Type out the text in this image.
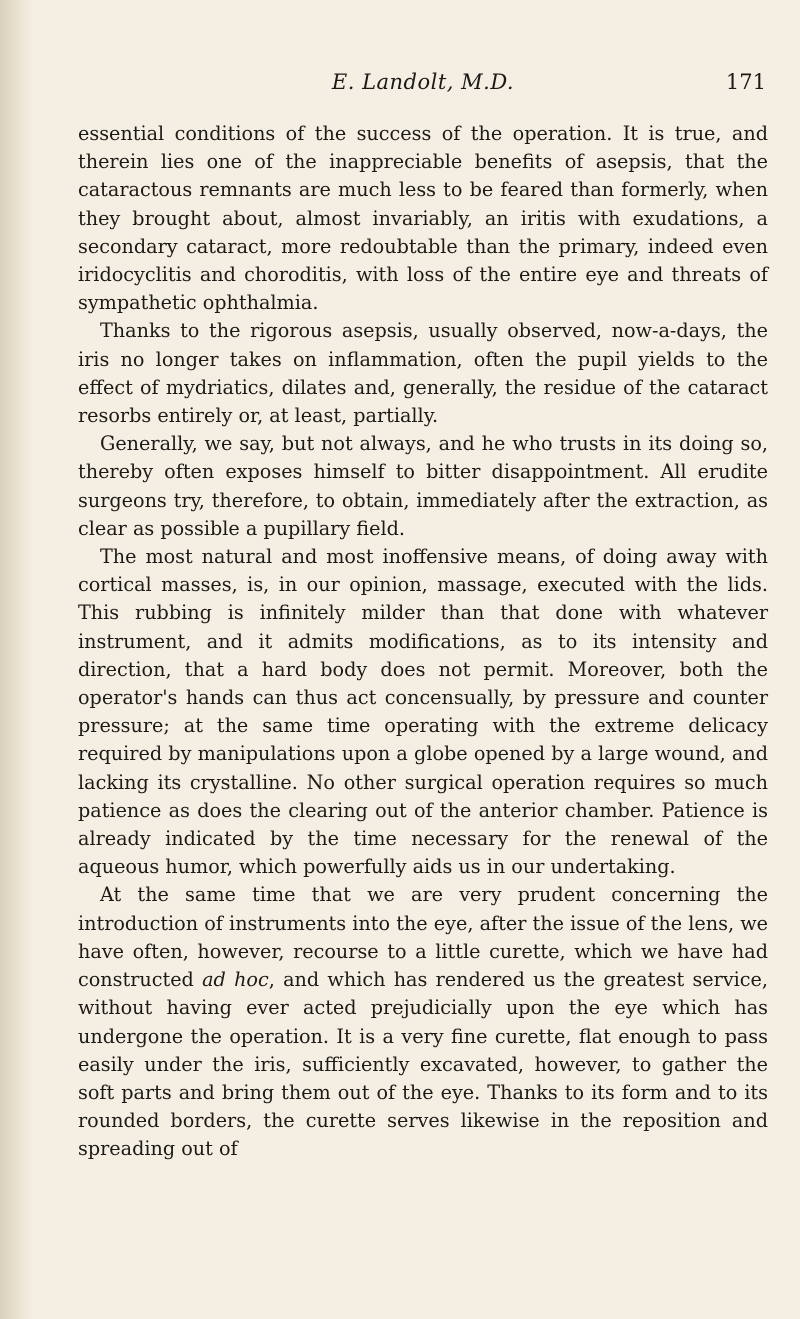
E. Landolt, M.D.	171

essential conditions of the success of the operation. It is true, and therein lies one of the inappreciable benefits of asepsis, that the cataractous remnants are much less to be feared than formerly, when they brought about, almost invariably, an iritis with exudations, a secondary cataract, more redoubtable than the primary, indeed even iridocyclitis and choroditis, with loss of the entire eye and threats of sympathetic ophthalmia.

Thanks to the rigorous asepsis, usually observed, now-a-days, the iris no longer takes on inflammation, often the pupil yields to the effect of mydriatics, dilates and, generally, the residue of the cataract resorbs entirely or, at least, partially.

Generally, we say, but not always, and he who trusts in its doing so, thereby often exposes himself to bitter disappointment. All erudite surgeons try, therefore, to obtain, immediately after the extraction, as clear as possible a pupillary field.

The most natural and most inoffensive means, of doing away with cortical masses, is, in our opinion, massage, executed with the lids. This rubbing is infinitely milder than that done with whatever instrument, and it admits modifications, as to its intensity and direction, that a hard body does not permit. Moreover, both the operator's hands can thus act concensually, by pressure and counter pressure; at the same time operating with the extreme delicacy required by manipulations upon a globe opened by a large wound, and lacking its crystalline. No other surgical operation requires so much patience as does the clearing out of the anterior chamber. Patience is already indicated by the time necessary for the renewal of the aqueous humor, which powerfully aids us in our undertaking.

At the same time that we are very prudent concerning the introduction of instruments into the eye, after the issue of the lens, we have often, however, recourse to a little curette, which we have had constructed ad hoc, and which has rendered us the greatest service, without having ever acted prejudicially upon the eye which has undergone the operation. It is a very fine curette, flat enough to pass easily under the iris, sufficiently excavated, however, to gather the soft parts and bring them out of the eye. Thanks to its form and to its rounded borders, the curette serves likewise in the reposition and spreading out of
